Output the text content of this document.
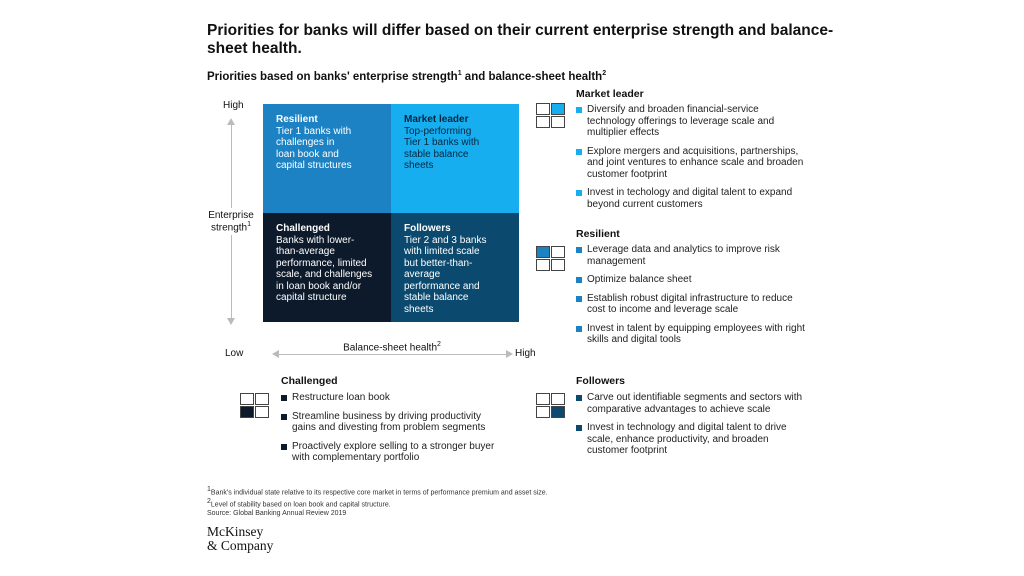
Priorities for banks will differ based on their current enterprise strength and balance-sheet health.
Priorities based on banks' enterprise strength$^1$ and balance-sheet health$^2$
High
Enterprise strength$^1$
Low
Balance-sheet health$^2$
High
Resilient
Tier 1 banks with challenges in loan book and capital structures
Market leader
Top-performing Tier 1 banks with stable balance sheets
Challenged
Banks with lower-than-average performance, limited scale, and challenges in loan book and/or capital structure
Followers
Tier 2 and 3 banks with limited scale but better-than-average performance and stable balance sheets
Market leader
Diversify and broaden financial-service technology offerings to leverage scale and multiplier effects
Explore mergers and acquisitions, partnerships, and joint ventures to enhance scale and broaden customer footprint
Invest in techology and digital talent to expand beyond current customers
Resilient
Leverage data and analytics to improve risk management
Optimize balance sheet
Establish robust digital infrastructure to reduce cost to income and leverage scale
Invest in talent by equipping employees with right skills and digital tools
Challenged
Restructure loan book
Streamline business by driving productivity gains and divesting from problem segments
Proactively explore selling to a stronger buyer with complementary portfolio
Followers
Carve out identifiable segments and sectors with comparative advantages to achieve scale
Invest in technology and digital talent to drive scale, enhance productivity, and broaden customer footprint
$^1$Bank's individual state relative to its respective core market in terms of performance premium and asset size.
$^2$Level of stability based on loan book and capital structure.
Source: Global Banking Annual Review 2019
McKinsey
& Company
